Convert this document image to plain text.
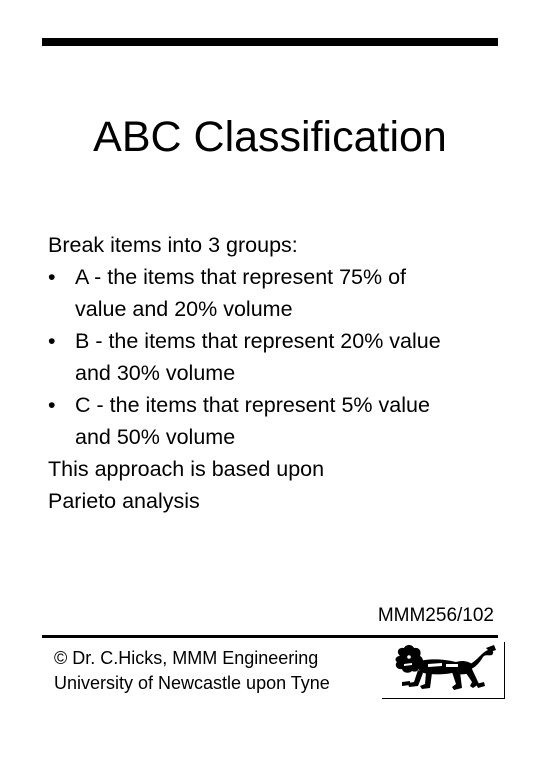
ABC Classification
Break items into 3 groups:
• A - the items that represent 75% of
value and 20% volume
• B - the items that represent 20% value
and 30% volume
• C - the items that represent 5% value
and 50% volume
This approach is based upon
Parieto analysis
MMM256/102
© Dr. C.Hicks, MMM Engineering
University of Newcastle upon Tyne
